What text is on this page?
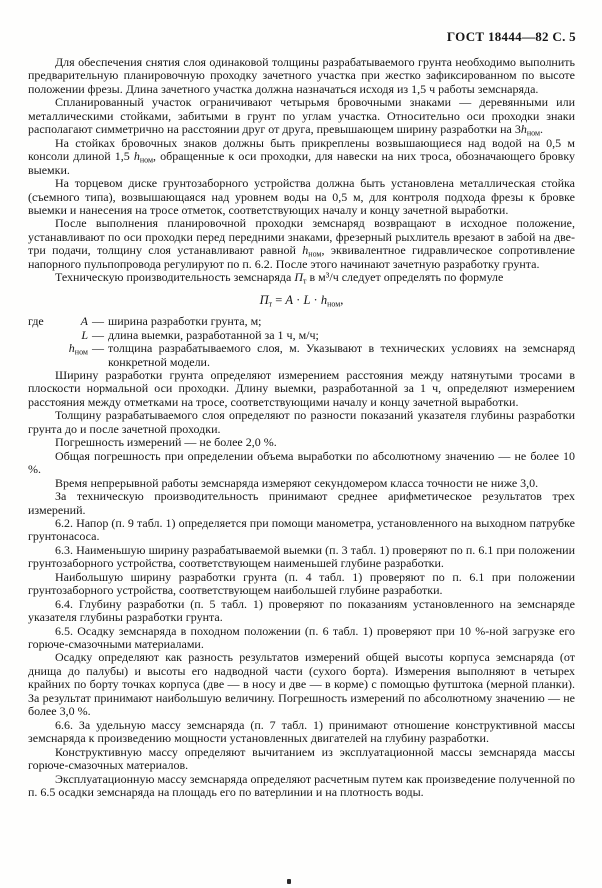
ГОСТ 18444—82 С. 5

Для обеспечения снятия слоя одинаковой толщины разрабатываемого грунта необходимо выполнить предварительную планировочную проходку зачетного участка при жестко зафиксированном по высоте положении фрезы. Длина зачетного участка должна назначаться исходя из 1,5 ч работы земснаряда.

Спланированный участок ограничивают четырьмя бровочными знаками — деревянными или металлическими стойками, забитыми в грунт по углам участка. Относительно оси проходки знаки располагают симметрично на расстоянии друг от друга, превышающем ширину разработки на $3h_{ном}$.

На стойках бровочных знаков должны быть прикреплены возвышающиеся над водой на 0,5 м консоли длиной 1,5 $h_{ном}$, обращенные к оси проходки, для навески на них троса, обозначающего бровку выемки.

На торцевом диске грунтозаборного устройства должна быть установлена металлическая стойка (съемного типа), возвышающаяся над уровнем воды на 0,5 м, для контроля подхода фрезы к бровке выемки и нанесения на тросе отметок, соответствующих началу и концу зачетной выработки.

После выполнения планировочной проходки земснаряд возвращают в исходное положение, устанавливают по оси проходки перед передними знаками, фрезерный рыхлитель врезают в забой на две-три подачи, толщину слоя устанавливают равной $h_{ном}$, эквивалентное гидравлическое сопротивление напорного пульпопровода регулируют по п. 6.2. После этого начинают зачетную разработку грунта.

Техническую производительность земснаряда $П_т$ в м³/ч следует определять по формуле

$П_т = A \cdot L \cdot h_{ном}$,
где	A — ширина разработки грунта, м;
L — длина выемки, разработанной за 1 ч, м/ч;
$h_{ном}$ — толщина разрабатываемого слоя, м. Указывают в технических условиях на земснаряд конкретной модели.

Ширину разработки грунта определяют измерением расстояния между натянутыми тросами в плоскости нормальной оси проходки. Длину выемки, разработанной за 1 ч, определяют измерением расстояния между отметками на тросе, соответствующими началу и концу зачетной выработки.

Толщину разрабатываемого слоя определяют по разности показаний указателя глубины разработки грунта до и после зачетной проходки.

Погрешность измерений — не более 2,0 %.

Общая погрешность при определении объема выработки по абсолютному значению — не более 10 %.

Время непрерывной работы земснаряда измеряют секундомером класса точности не ниже 3,0.

За техническую производительность принимают среднее арифметическое результатов трех измерений.

6.2. Напор (п. 9 табл. 1) определяется при помощи манометра, установленного на выходном патрубке грунтонасоса.

6.3. Наименьшую ширину разрабатываемой выемки (п. 3 табл. 1) проверяют по п. 6.1 при положении грунтозаборного устройства, соответствующем наименьшей глубине разработки.

Наибольшую ширину разработки грунта (п. 4 табл. 1) проверяют по п. 6.1 при положении грунтозаборного устройства, соответствующем наибольшей глубине разработки.

6.4. Глубину разработки (п. 5 табл. 1) проверяют по показаниям установленного на земснаряде указателя глубины разработки грунта.

6.5. Осадку земснаряда в походном положении (п. 6 табл. 1) проверяют при 10 %-ной загрузке его горюче-смазочными материалами.

Осадку определяют как разность результатов измерений общей высоты корпуса земснаряда (от днища до палубы) и высоты его надводной части (сухого борта). Измерения выполняют в четырех крайних по борту точках корпуса (две — в носу и две — в корме) с помощью футштока (мерной планки). За результат принимают наибольшую величину. Погрешность измерений по абсолютному значению — не более 3,0 %.

6.6. За удельную массу земснаряда (п. 7 табл. 1) принимают отношение конструктивной массы земснаряда к произведению мощности установленных двигателей на глубину разработки.

Конструктивную массу определяют вычитанием из эксплуатационной массы земснаряда массы горюче-смазочных материалов.

Эксплуатационную массу земснаряда определяют расчетным путем как произведение полученной по п. 6.5 осадки земснаряда на площадь его по ватерлинии и на плотность воды.
